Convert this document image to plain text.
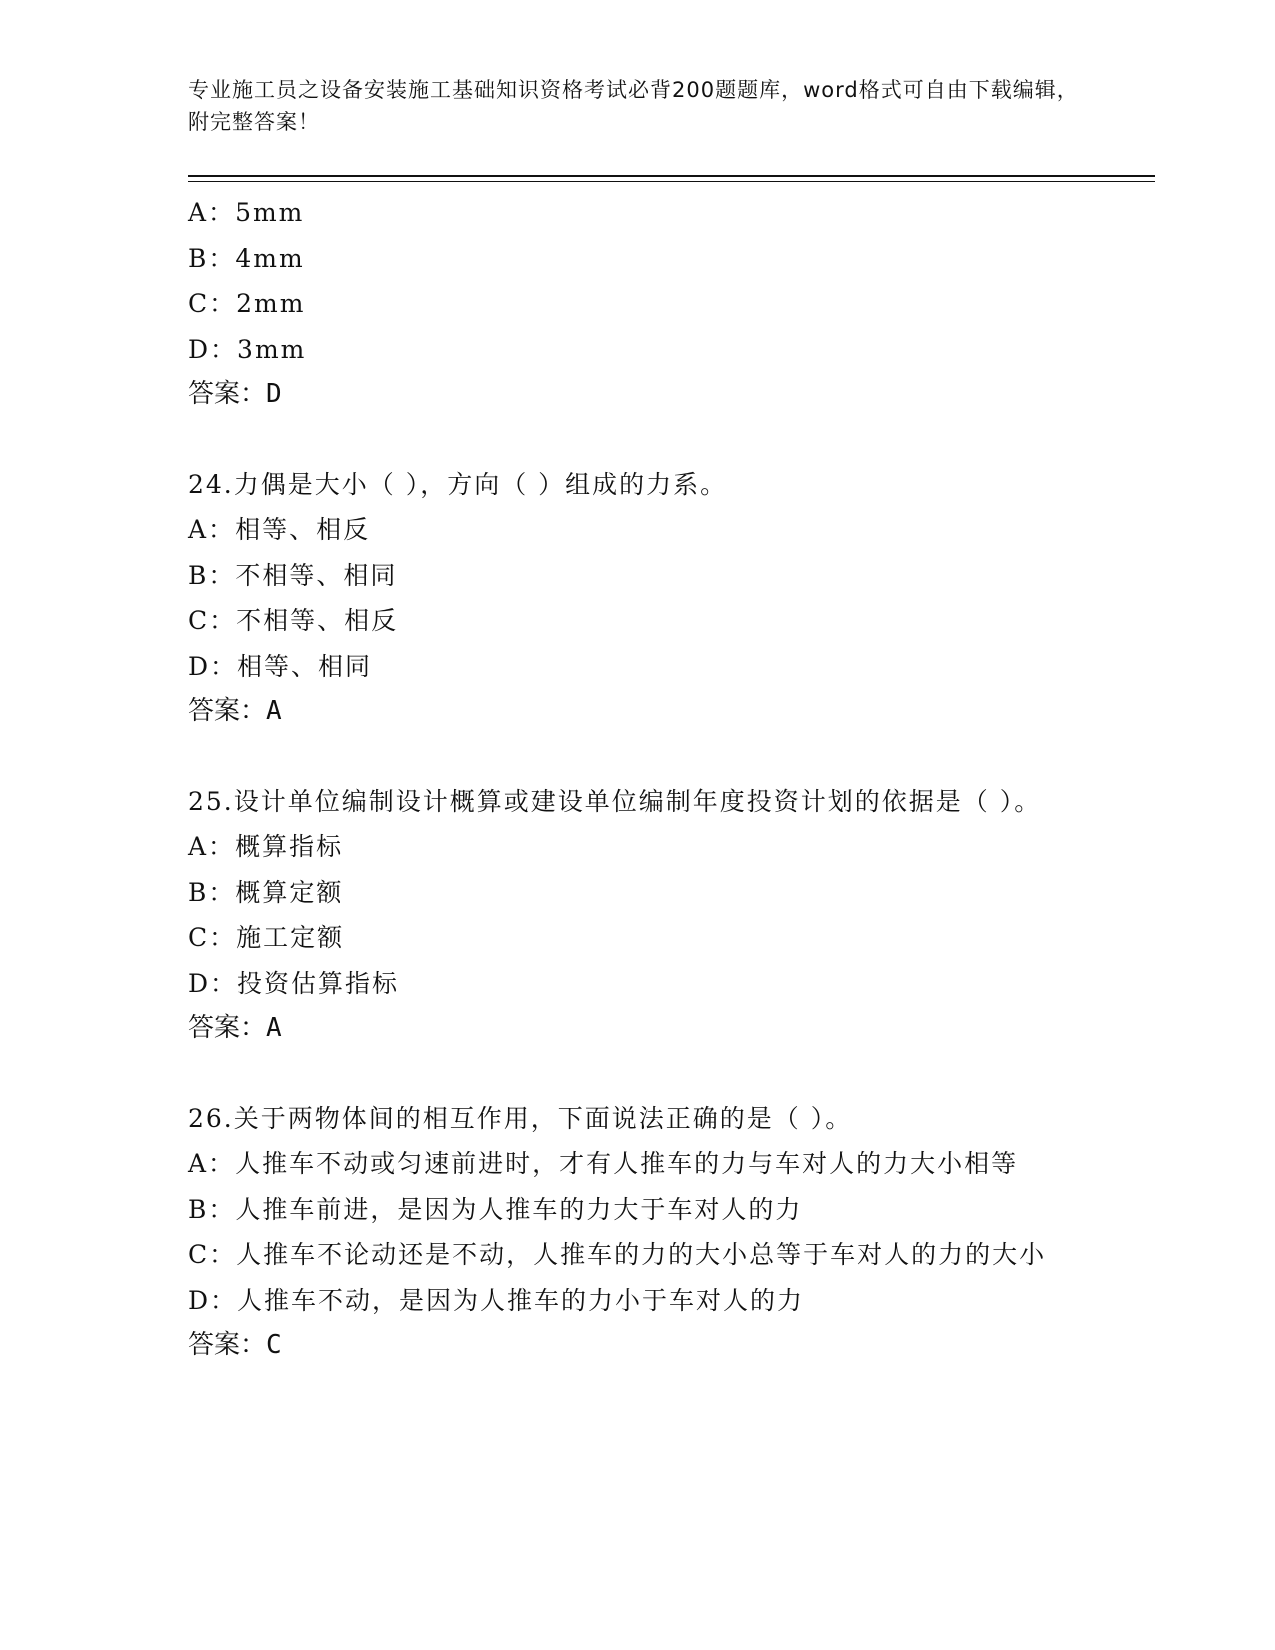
专业施工员之设备安装施工基础知识资格考试必背200题题库，word格式可自由下载编辑，附完整答案！
A：5mm
B：4mm
C：2mm
D：3mm
答案：D
24.力偶是大小（ ），方向（ ）组成的力系。
A：相等、相反
B：不相等、相同
C：不相等、相反
D：相等、相同
答案：A
25.设计单位编制设计概算或建设单位编制年度投资计划的依据是（ ）。
A：概算指标
B：概算定额
C：施工定额
D：投资估算指标
答案：A
26.关于两物体间的相互作用，下面说法正确的是（ ）。
A：人推车不动或匀速前进时，才有人推车的力与车对人的力大小相等
B：人推车前进，是因为人推车的力大于车对人的力
C：人推车不论动还是不动，人推车的力的大小总等于车对人的力的大小
D：人推车不动，是因为人推车的力小于车对人的力
答案：C
